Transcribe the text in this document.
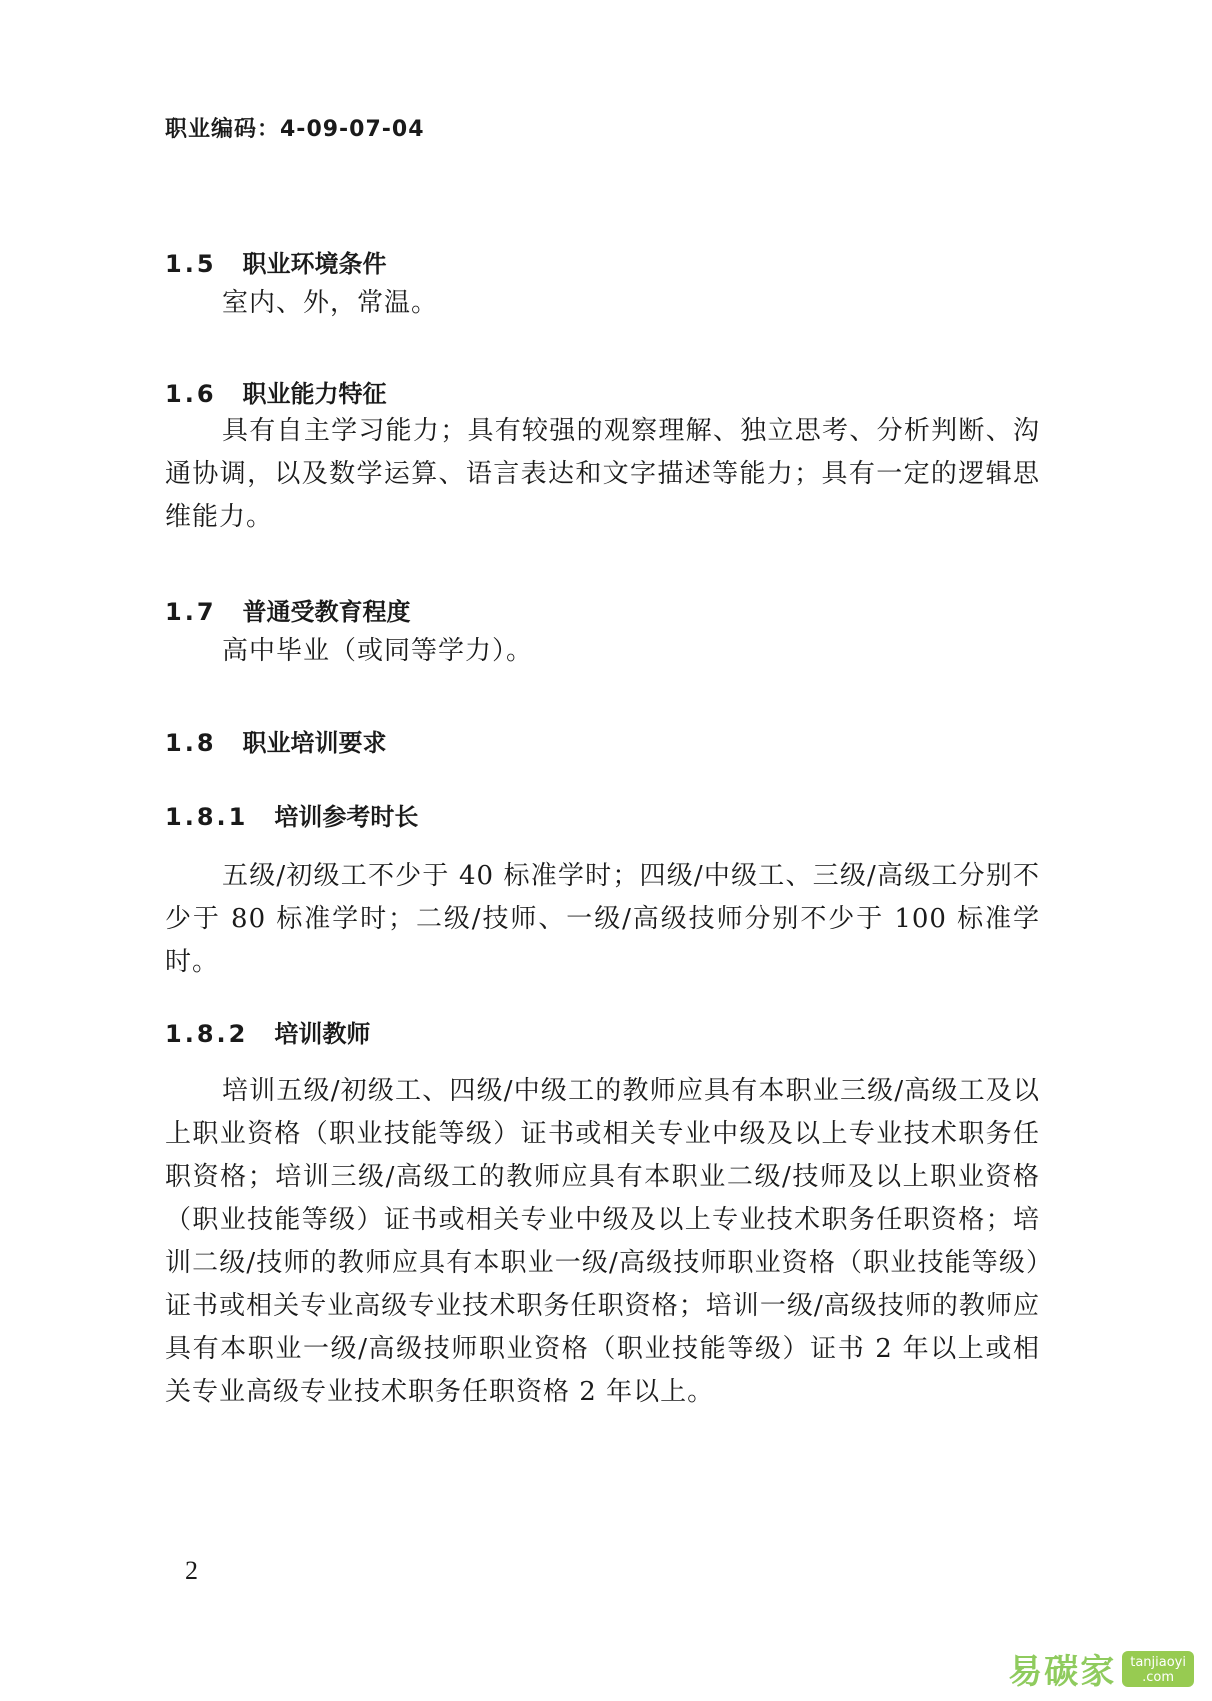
职业编码：4-09-07-04
1.5 职业环境条件

室内、外，常温。

1.6 职业能力特征

具有自主学习能力；具有较强的观察理解、独立思考、分析判断、沟通协调，以及数学运算、语言表达和文字描述等能力；具有一定的逻辑思维能力。

1.7 普通受教育程度

高中毕业（或同等学力）。

1.8 职业培训要求
1.8.1 培训参考时长

五级/初级工不少于 40 标准学时；四级/中级工、三级/高级工分别不少于 80 标准学时；二级/技师、一级/高级技师分别不少于 100 标准学时。

1.8.2 培训教师

培训五级/初级工、四级/中级工的教师应具有本职业三级/高级工及以上职业资格（职业技能等级）证书或相关专业中级及以上专业技术职务任职资格；培训三级/高级工的教师应具有本职业二级/技师及以上职业资格（职业技能等级）证书或相关专业中级及以上专业技术职务任职资格；培训二级/技师的教师应具有本职业一级/高级技师职业资格（职业技能等级）证书或相关专业高级专业技术职务任职资格；培训一级/高级技师的教师应具有本职业一级/高级技师职业资格（职业技能等级）证书 2 年以上或相关专业高级专业技术职务任职资格 2 年以上。

2
易碳家 tanjiaoyi
.com
